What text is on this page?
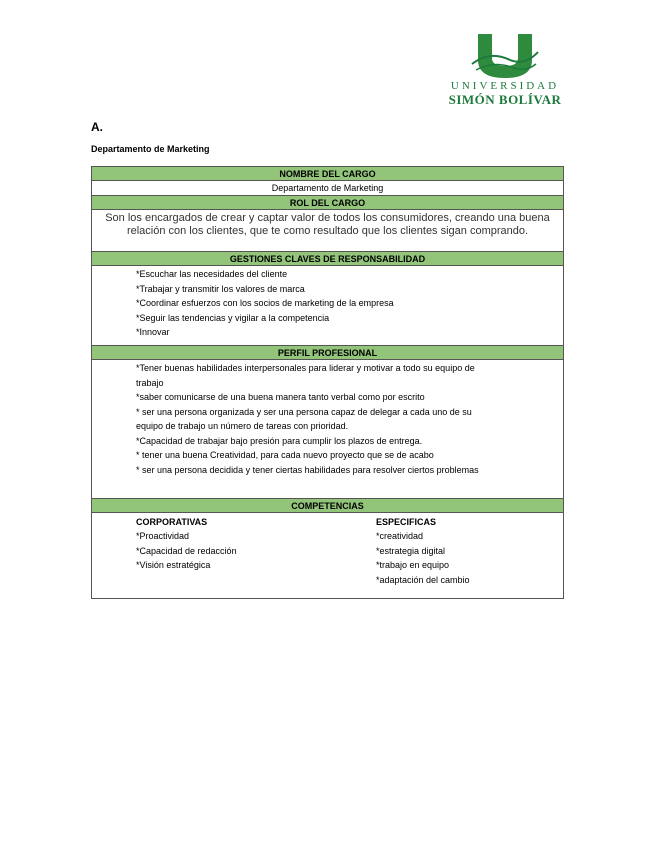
UNIVERSIDAD
SIMÓN BOLÍVAR
A.
Departamento de Marketing
NOMBRE DEL CARGO
Departamento de Marketing
ROL DEL CARGO
Son los encargados de crear y captar valor de todos los consumidores, creando una buena relación con los clientes, que te como resultado que los clientes sigan comprando.
GESTIONES CLAVES DE RESPONSABILIDAD
*Escuchar las necesidades del cliente
*Trabajar y transmitir los valores de marca
*Coordinar esfuerzos con los socios de marketing de la empresa
*Seguir las tendencias y vigilar a la competencia
*Innovar
PERFIL PROFESIONAL
*Tener buenas habilidades interpersonales para liderar y motivar a todo su equipo de
trabajo
*saber comunicarse de una buena manera tanto verbal como por escrito
* ser una persona organizada y ser una persona capaz de delegar a cada uno de su
equipo de trabajo un número de tareas con prioridad.
*Capacidad de trabajar bajo presión para cumplir los plazos de entrega.
* tener una buena Creatividad, para cada nuevo proyecto que se de acabo
* ser una persona decidida y tener ciertas habilidades para resolver ciertos problemas
COMPETENCIAS
CORPORATIVAS
*Proactividad
*Capacidad de redacción
*Visión estratégica
ESPECIFICAS
*creatividad
*estrategia digital
*trabajo en equipo
*adaptación del cambio
